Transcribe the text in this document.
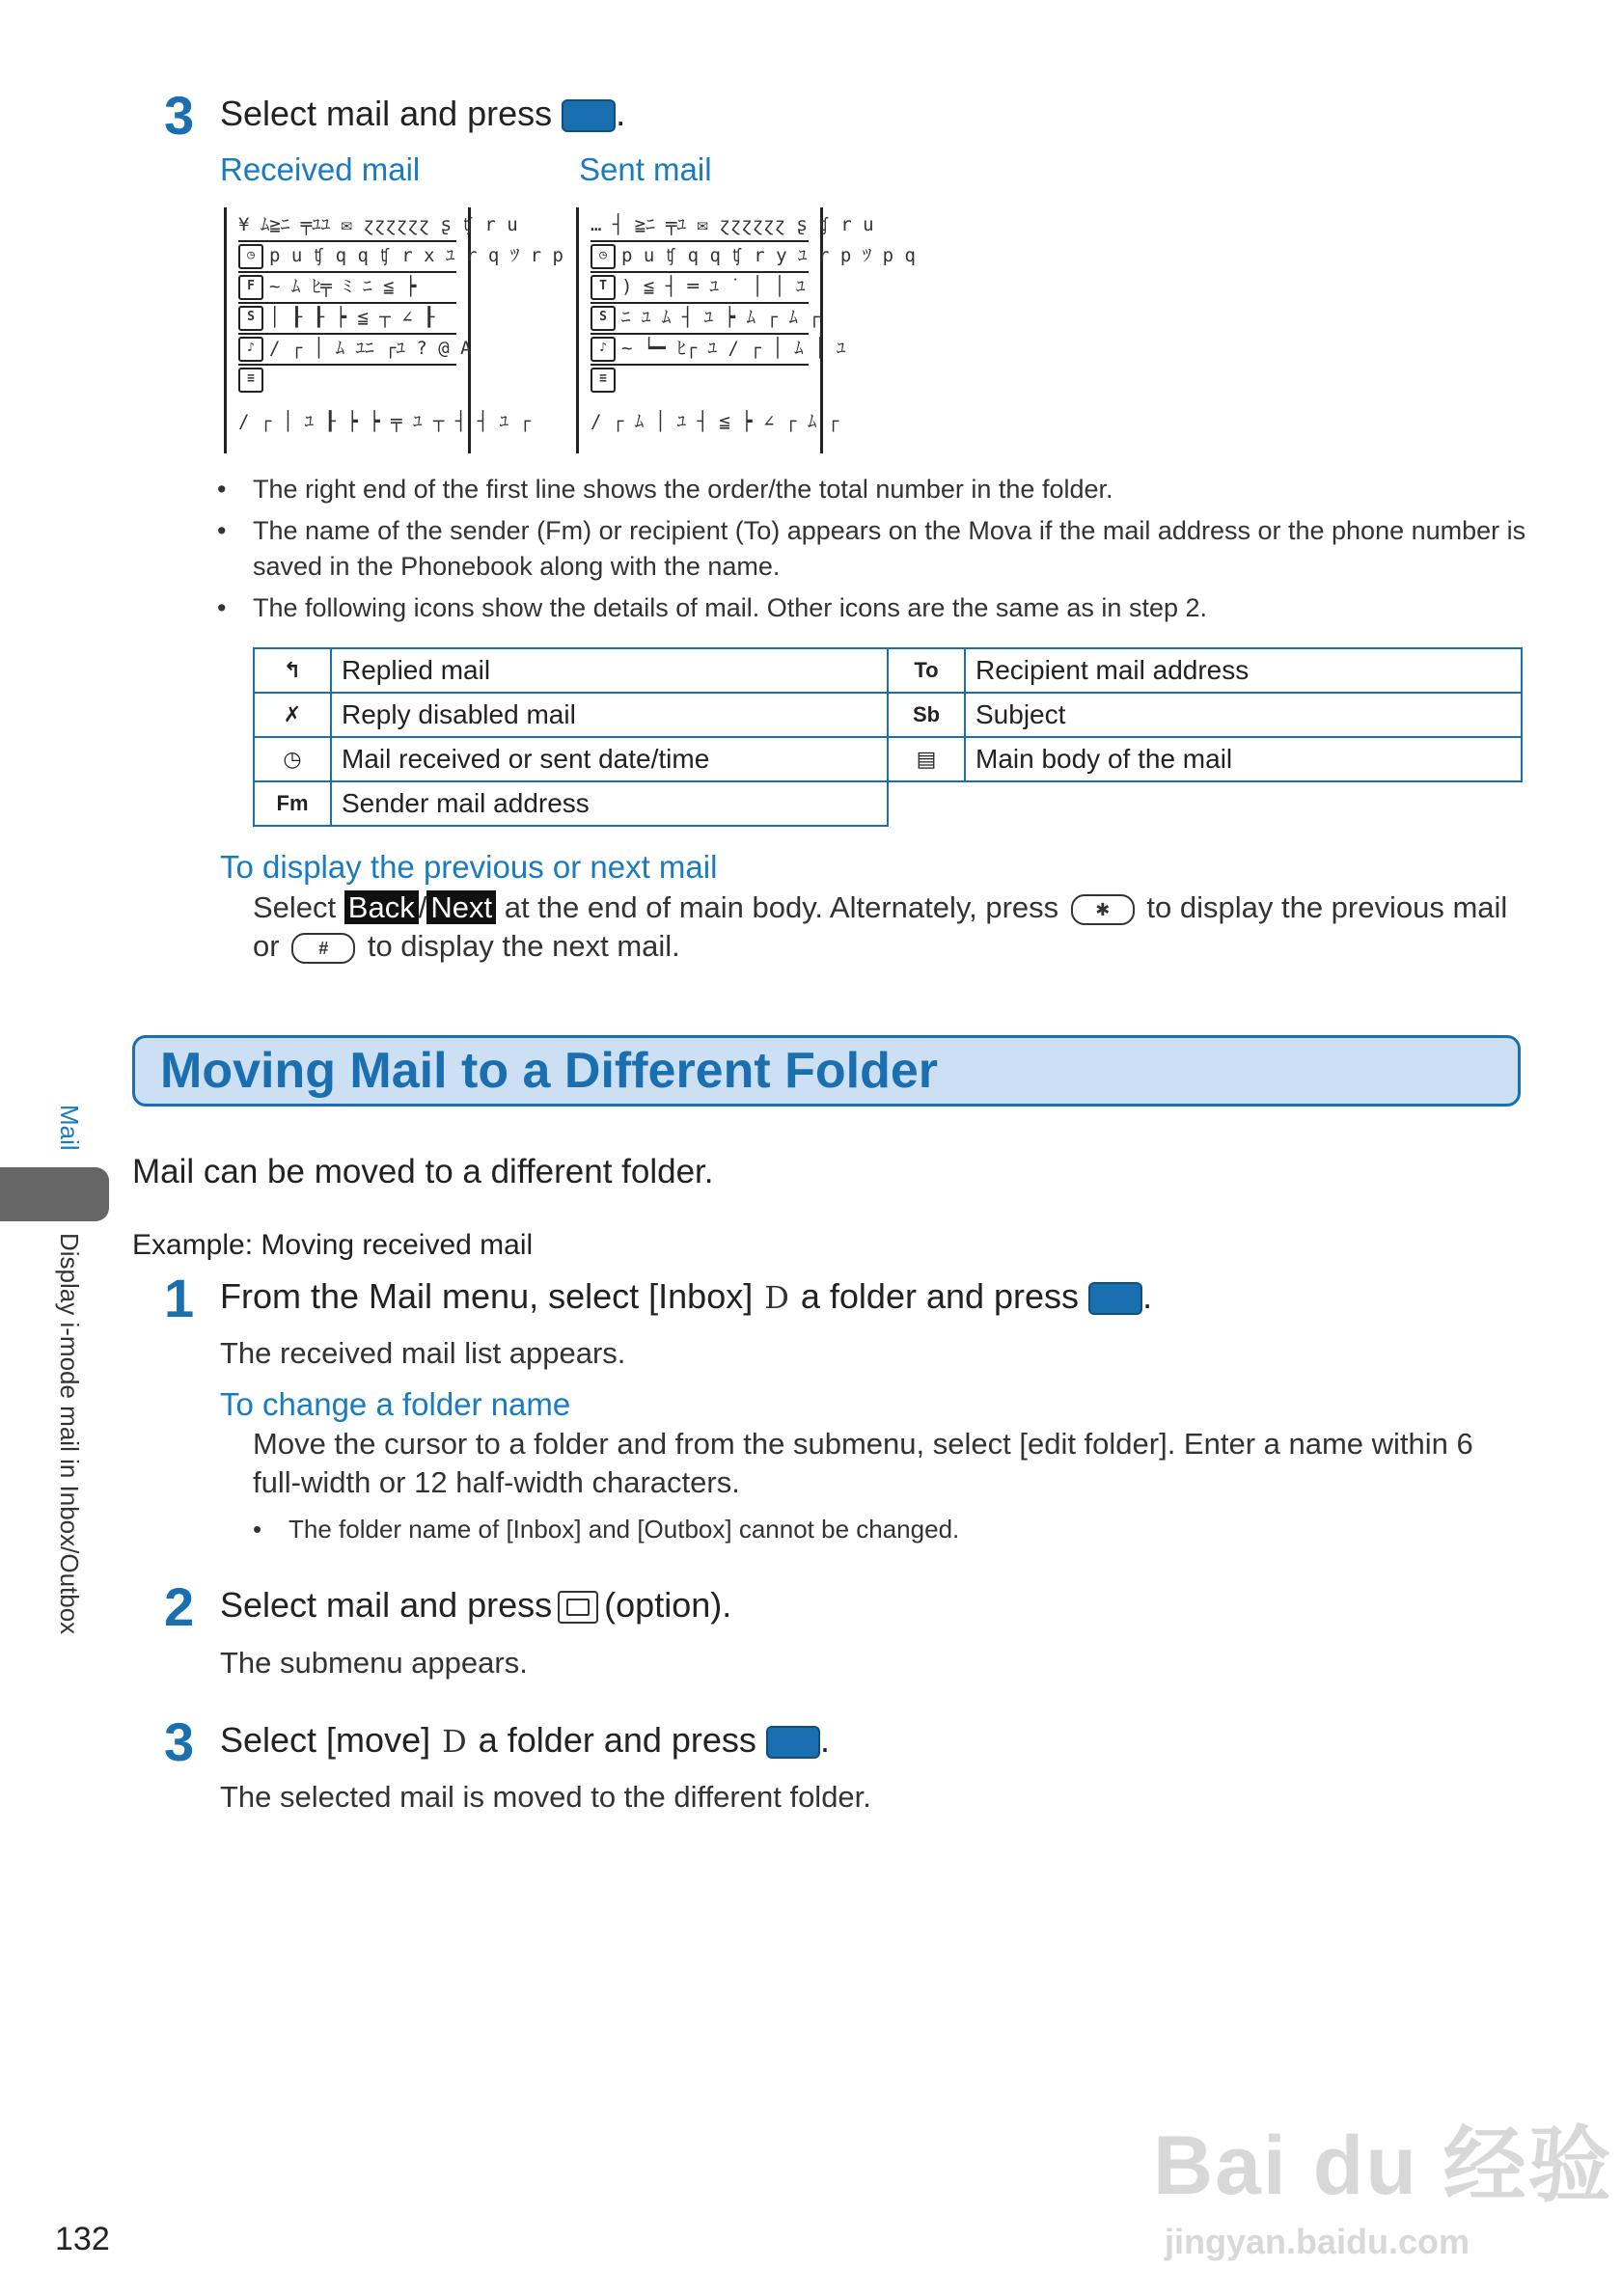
3 Select mail and press .
Received mail	Sent mail
¥ ﾑ≧ﾆ ╤ﾕﾕ ✉ ɀɀɀɀɀɀ ʂ ʧ r u
◷ p u ʧ q q ʧ r x ﾕ r q ﾂ r p
F ~ ﾑ ﾋ╤ ﾐ ﾆ ≦ ┝
S │ ┠ ┠ ┝ ≦ ┬ ∠ ┠
♪ / ┌ │ ﾑ ﾕﾆ ┌ﾕ ? @ A
≡
/ ┌ │ ﾕ ┠ ┝ ┝ ╤ ﾕ ┬ ┤ ┤ ﾕ ┌
… ┤ ≧ﾆ ╤ﾕ ✉ ɀɀɀɀɀɀ ʂ ʧ r u
◷ p u ʧ q q ʧ r y ﾕ r p ﾂ p q
T ) ≦ ┤ ═ ﾕ ˙ │ │ ﾕ
S ﾆ ﾕ ﾑ ┤ ﾕ ┝ ﾑ ┌ ﾑ ┌
♪ ~ ┕━ ﾋ┌ ﾕ / ┌ │ ﾑ │ ﾕ
≡
/ ┌ ﾑ │ ﾕ ┤ ≦ ┝ ∠ ┌ ﾑ ┌
• The right end of the first line shows the order/the total number in the folder.
• The name of the sender (Fm) or recipient (To) appears on the Mova if the mail address or the phone number is saved in the Phonebook along with the name.
• The following icons show the details of mail. Other icons are the same as in step 2.
↰	Replied mail	To	Recipient mail address
✗	Reply disabled mail	Sb	Subject
◷	Mail received or sent date/time	▤	Main body of the mail
Fm	Sender mail address		
To display the previous or next mail
Select Back / Next at the end of main body. Alternately, press ✱ to display the previous mail
or # to display the next mail.
Moving Mail to a Different Folder
Mail can be moved to a different folder.
Example: Moving received mail
1 From the Mail menu, select [Inbox] D a folder and press .
The received mail list appears.
To change a folder name
Move the cursor to a folder and from the submenu, select [edit folder]. Enter a name within 6 full-width or 12 half-width characters.
• The folder name of [Inbox] and [Outbox] cannot be changed.
2 Select mail and press (option).
The submenu appears.
3 Select [move] D a folder and press .
The selected mail is moved to the different folder.
Mail
Display i-mode mail in Inbox/Outbox
132
Bai du 经验
jingyan.baidu.com
